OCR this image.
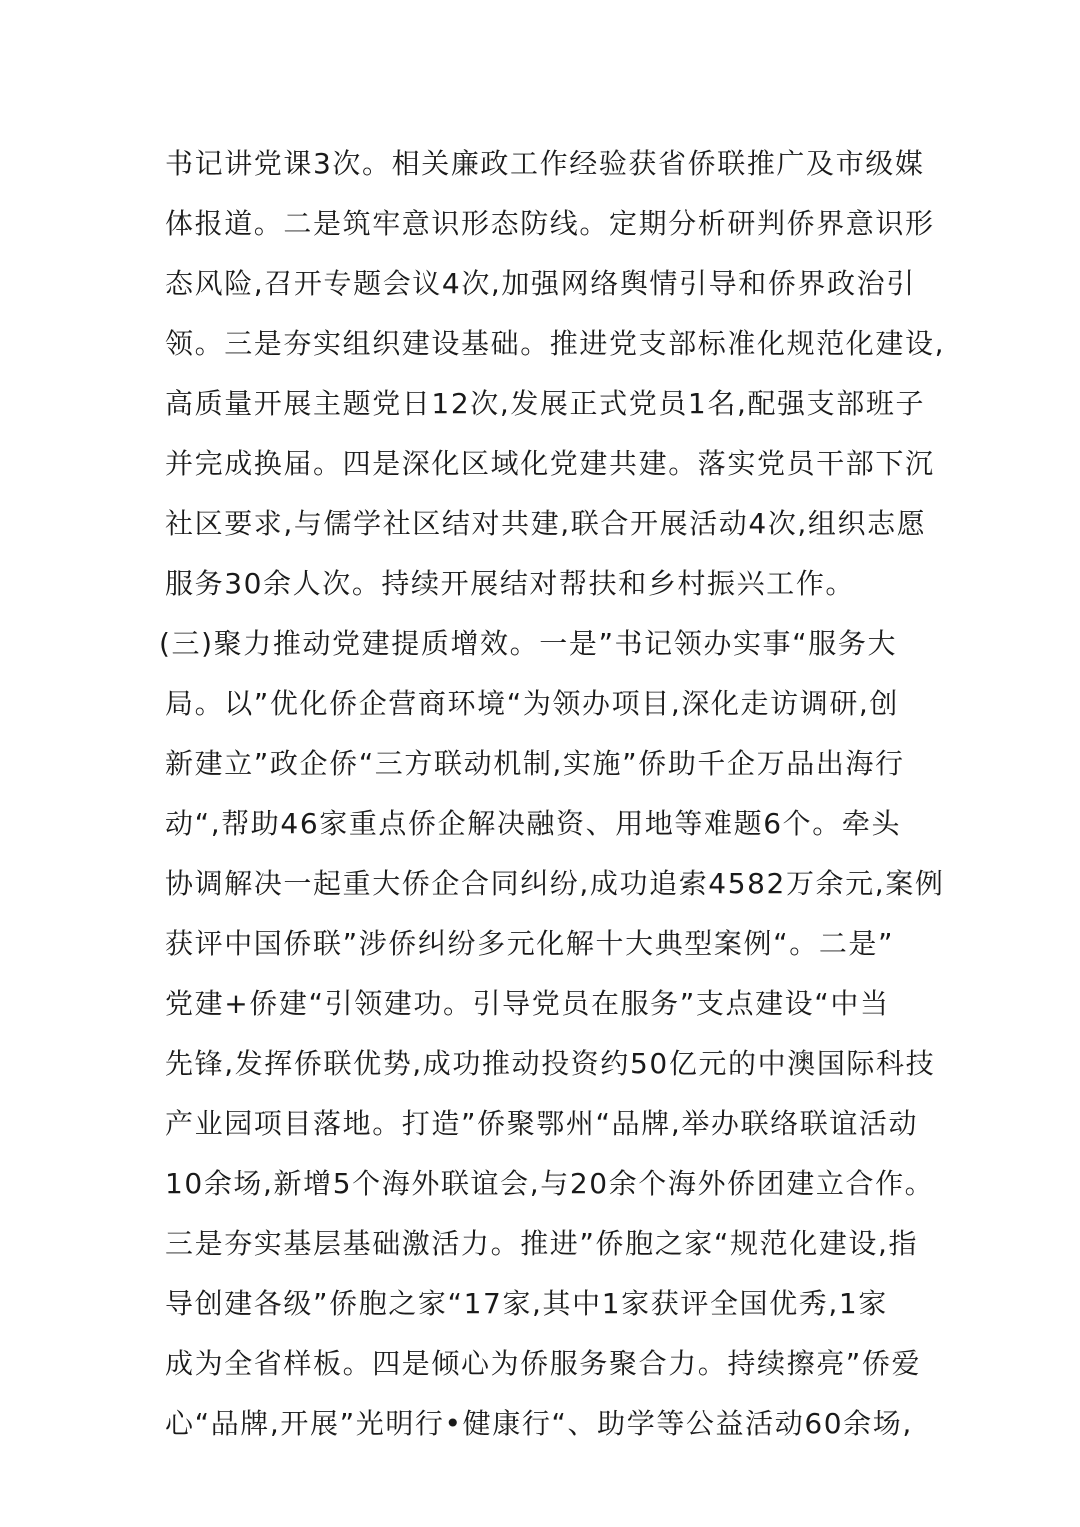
书记讲党课3次。相关廉政工作经验获省侨联推广及市级媒
体报道。二是筑牢意识形态防线。定期分析研判侨界意识形
态风险,召开专题会议4次,加强网络舆情引导和侨界政治引
领。三是夯实组织建设基础。推进党支部标准化规范化建设,
高质量开展主题党日12次,发展正式党员1名,配强支部班子
并完成换届。四是深化区域化党建共建。落实党员干部下沉
社区要求,与儒学社区结对共建,联合开展活动4次,组织志愿
服务30余人次。持续开展结对帮扶和乡村振兴工作。
(三)聚力推动党建提质增效。一是”书记领办实事“服务大
局。以”优化侨企营商环境“为领办项目,深化走访调研,创
新建立”政企侨“三方联动机制,实施”侨助千企万品出海行
动“,帮助46家重点侨企解决融资、用地等难题6个。牵头
协调解决一起重大侨企合同纠纷,成功追索4582万余元,案例
获评中国侨联”涉侨纠纷多元化解十大典型案例“。二是”
党建+侨建“引领建功。引导党员在服务”支点建设“中当
先锋,发挥侨联优势,成功推动投资约50亿元的中澳国际科技
产业园项目落地。打造”侨聚鄂州“品牌,举办联络联谊活动
10余场,新增5个海外联谊会,与20余个海外侨团建立合作。
三是夯实基层基础激活力。推进”侨胞之家“规范化建设,指
导创建各级”侨胞之家“17家,其中1家获评全国优秀,1家
成为全省样板。四是倾心为侨服务聚合力。持续擦亮”侨爱
心“品牌,开展”光明行•健康行“、助学等公益活动60余场,
